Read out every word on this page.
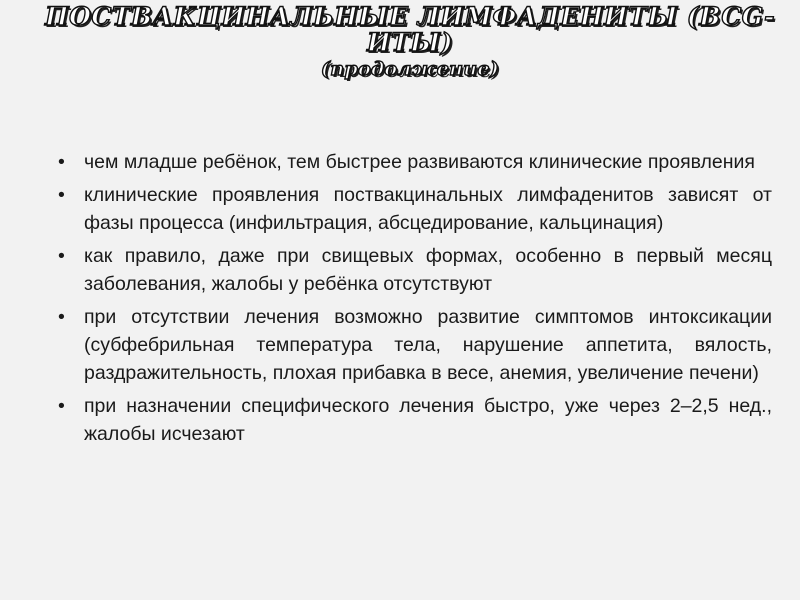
ПОСТВАКЦИНАЛЬНЫЕ ЛИМФАДЕНИТЫ (BCG-
ИТЫ)
(продолжение)
• чем младше ребёнок, тем быстрее развиваются клинические проявления
• клинические проявления поствакцинальных лимфаденитов зависят от фазы процесса (инфильтрация, абсцедирование, кальцинация)
• как правило, даже при свищевых формах, особенно в первый месяц заболевания, жалобы у ребёнка отсутствуют
• при отсутствии лечения возможно развитие симптомов интоксикации (субфебрильная температура тела, нарушение аппетита, вялость, раздражительность, плохая прибавка в весе, анемия, увеличение печени)
• при назначении специфического лечения быстро, уже через 2–2,5 нед., жалобы исчезают
